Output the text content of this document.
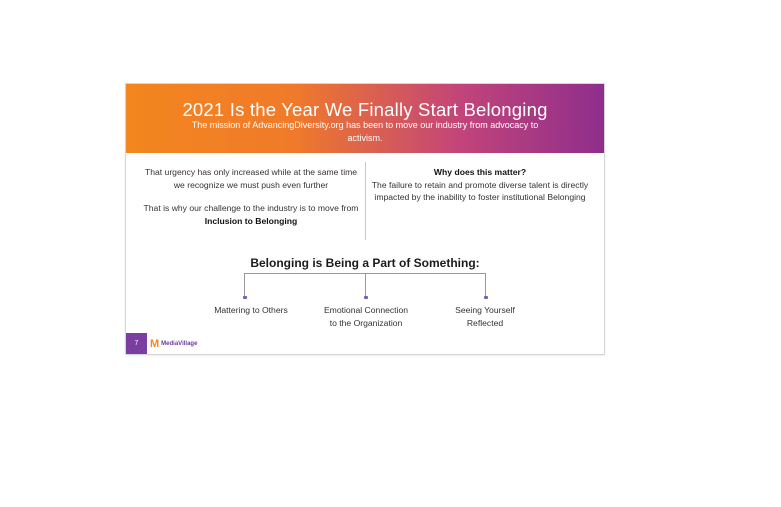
2021 Is the Year We Finally Start Belonging
The mission of AdvancingDiversity.org has been to move our industry from advocacy to activism.

That urgency has only increased while at the same time we recognize we must push even further

That is why our challenge to the industry is to move from Inclusion to Belonging

Why does this matter?
The failure to retain and promote diverse talent is directly impacted by the inability to foster institutional Belonging
Belonging is Being a Part of Something:
Mattering to Others	Emotional Connection to the Organization
Seeing Yourself Reflected
7	M MediaVillage
